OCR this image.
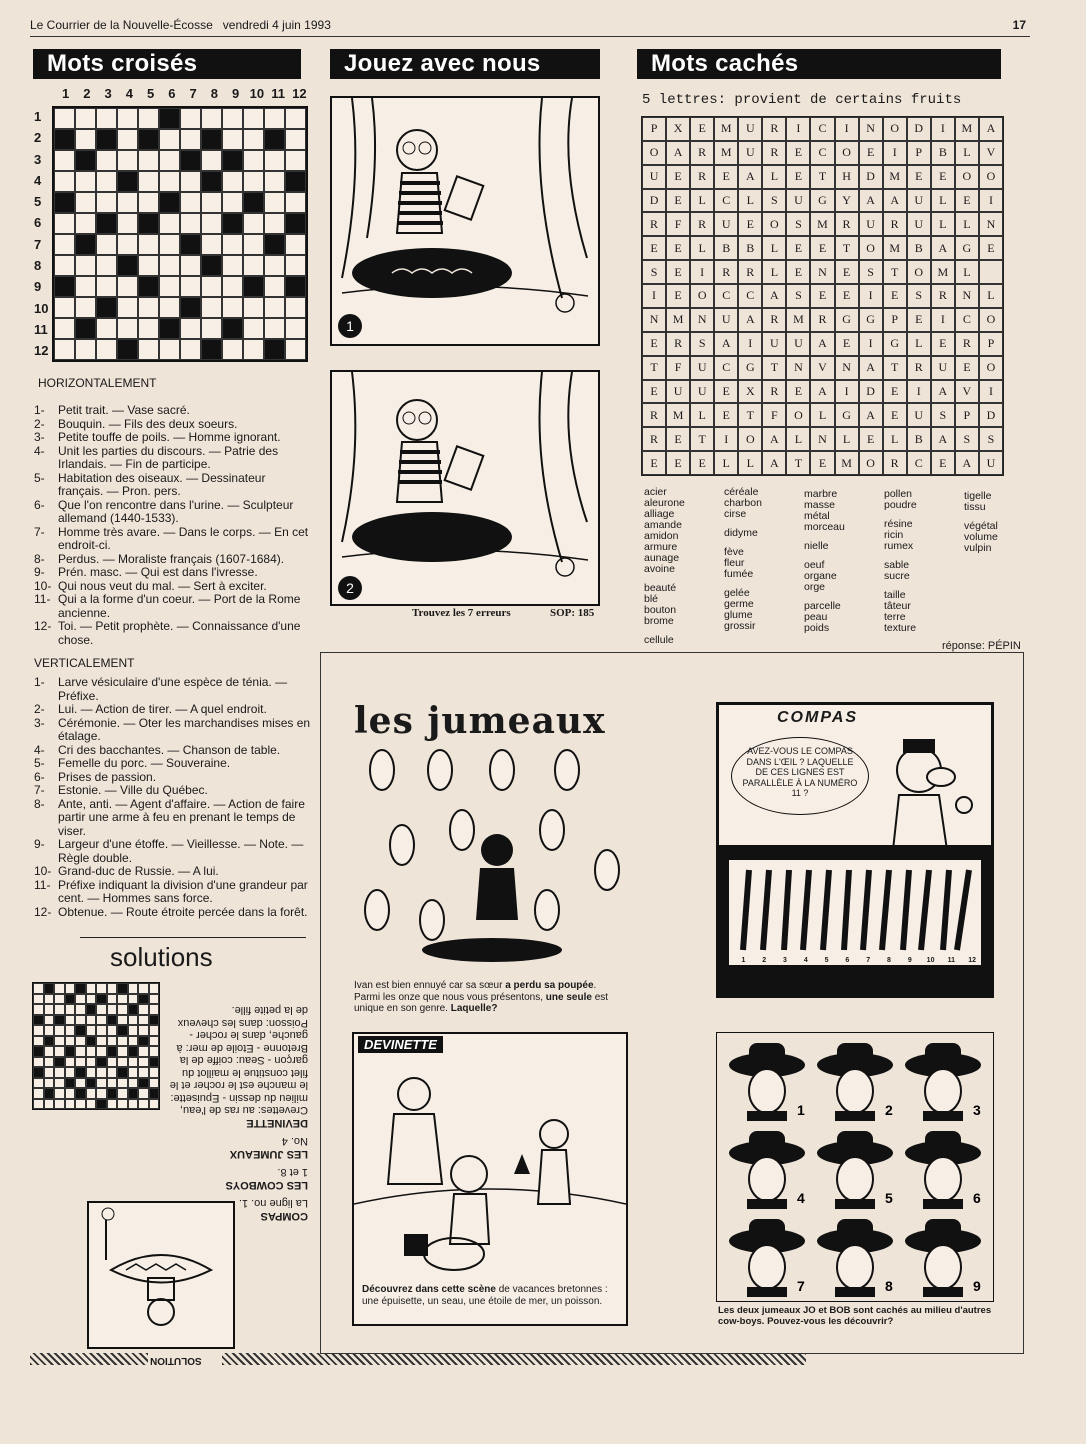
Le Courrier de la Nouvelle-Écosse vendredi 4 juin 1993	17
Mots croisés	Jouez avec nous	Mots cachés
1	2	3	4	5	6	7	8	9 10 11 12
1
2
3
4
5
6
7
8
9
10
11
12
HORIZONTALEMENT
1-	Petit trait. — Vase sacré.
2-	Bouquin. — Fils des deux soeurs.
3-	Petite touffe de poils. — Homme ignorant.
4-	Unit les parties du discours. — Patrie des Irlandais. — Fin de participe.
5-	Habitation des oiseaux. — Dessinateur français. — Pron. pers.
6-	Que l'on rencontre dans l'urine. — Sculpteur allemand (1440-1533).
7-	Homme très avare. — Dans le corps. — En cet endroit-ci.
8-	Perdus. — Moraliste français (1607-1684).
9-	Prén. masc. — Qui est dans l'ivresse.
10- Qui nous veut du mal. — Sert à exciter.
11- Qui a la forme d'un coeur. — Port de la Rome ancienne.
12- Toi. — Petit prophète. — Connaissance d'une chose.
VERTICALEMENT
1-	Larve vésiculaire d'une espèce de ténia. — Préfixe.
2-	Lui. — Action de tirer. — A quel endroit.
3-	Cérémonie. — Oter les marchandises mises en étalage.
4-	Cri des bacchantes. — Chanson de table.
5-	Femelle du porc. — Souveraine.
6-	Prises de passion.
7-	Estonie. — Ville du Québec.
8-	Ante, anti. — Agent d'affaire. — Action de faire partir une arme à feu en prenant le temps de viser.
9-	Largeur d'une étoffe. — Vieillesse. — Note. — Règle double.
10- Grand-duc de Russie. — A lui.
11- Préfixe indiquant la division d'une grandeur par cent. — Hommes sans force.
12- Obtenue. — Route étroite percée dans la forêt.
solutions
COMPAS
La ligne no. 1.
LES COWBOYS
1 et 8.
LES JUMEAUX
No. 4
DEVINETTE
Crevettes: au ras de l'eau, milieu du dessin - Epuisette: le manche est le rocher et le filet constitue le maillot du garçon - Seau: coiffe de la Bretonne - Etoile de mer: à gauche, dans le rocher - Poisson: dans les cheveux de la petite fille.
SOLUTION
1
2
Trouvez les 7 erreurs	SOP: 185
5 lettres: provient de certains fruits
P	X	E	M	U	R	I	C	I	N	O	D	I	M	A
O	A	R	M	U	R	E	C	O	E	I	P	B	L	V
U	E	R	E	A	L	E	T	H	D	M	E	E	O	O
D	E	L	C	L	S	U	G	Y	A	A	U	L	E	I
R	F	R	U	E	O	S	M	R	U	R	U	L	L	N
E	E	L	B	B	L	E	E	T	O	M	B	A	G	E
S	E	I	R	R	L	E	N	E	S	T	O	M	L
I	E	O	C	C	A	S	E	E	I	E	S	R	N	L
N	M	N	U	A	R	M	R	G	G	P	E	I	C	O
E	R	S	A	I	U	U	A	E	I	G	L	E	R	P
T	F	U	C	G	T	N	V	N	A	T	R	U	E	O
E	U	U	E	X	R	E	A	I	D	E	I	A	V	I
R	M	L	E	T	F	O	L	G	A	E	U	S	P	D
R	E	T	I	O	A	L	N	L	E	L	B	A	S	S
E	E	E	L	L	A	T	E	M	O	R	C	E	A	U
acier
aleurone
alliage
amande
amidon
armure
aunage
avoine
beauté
blé
bouton
brome
cellule
céréale
charbon
cirse
didyme
fève
fleur
fumée
gelée
germe
glume
grossir
marbre
masse
métal
morceau
nielle
oeuf
organe
orge
parcelle
peau
poids
pollen
poudre
résine
ricin
rumex
sable
sucre
taille
tâteur
terre
texture
tigelle
tissu
végétal
volume
vulpin
réponse: PÉPIN
les jumeaux
Ivan est bien ennuyé car sa sœur a perdu sa poupée. Parmi les onze que nous vous présentons, une seule est unique en son genre. Laquelle?
COMPAS
AVEZ-VOUS LE COMPAS DANS L'ŒIL ? LAQUELLE DE CES LIGNES EST PARALLÈLE À LA NUMÉRO 11 ?
1	2	3	4	5	6	7	8	9	10	11	12
DEVINETTE
Découvrez dans cette scène de vacances bretonnes : une épuisette, un seau, une étoile de mer, un poisson.
1	2	3
4	5	6
7	8	9
Les deux jumeaux JO et BOB sont cachés au milieu d'autres cow-boys. Pouvez-vous les découvrir?
